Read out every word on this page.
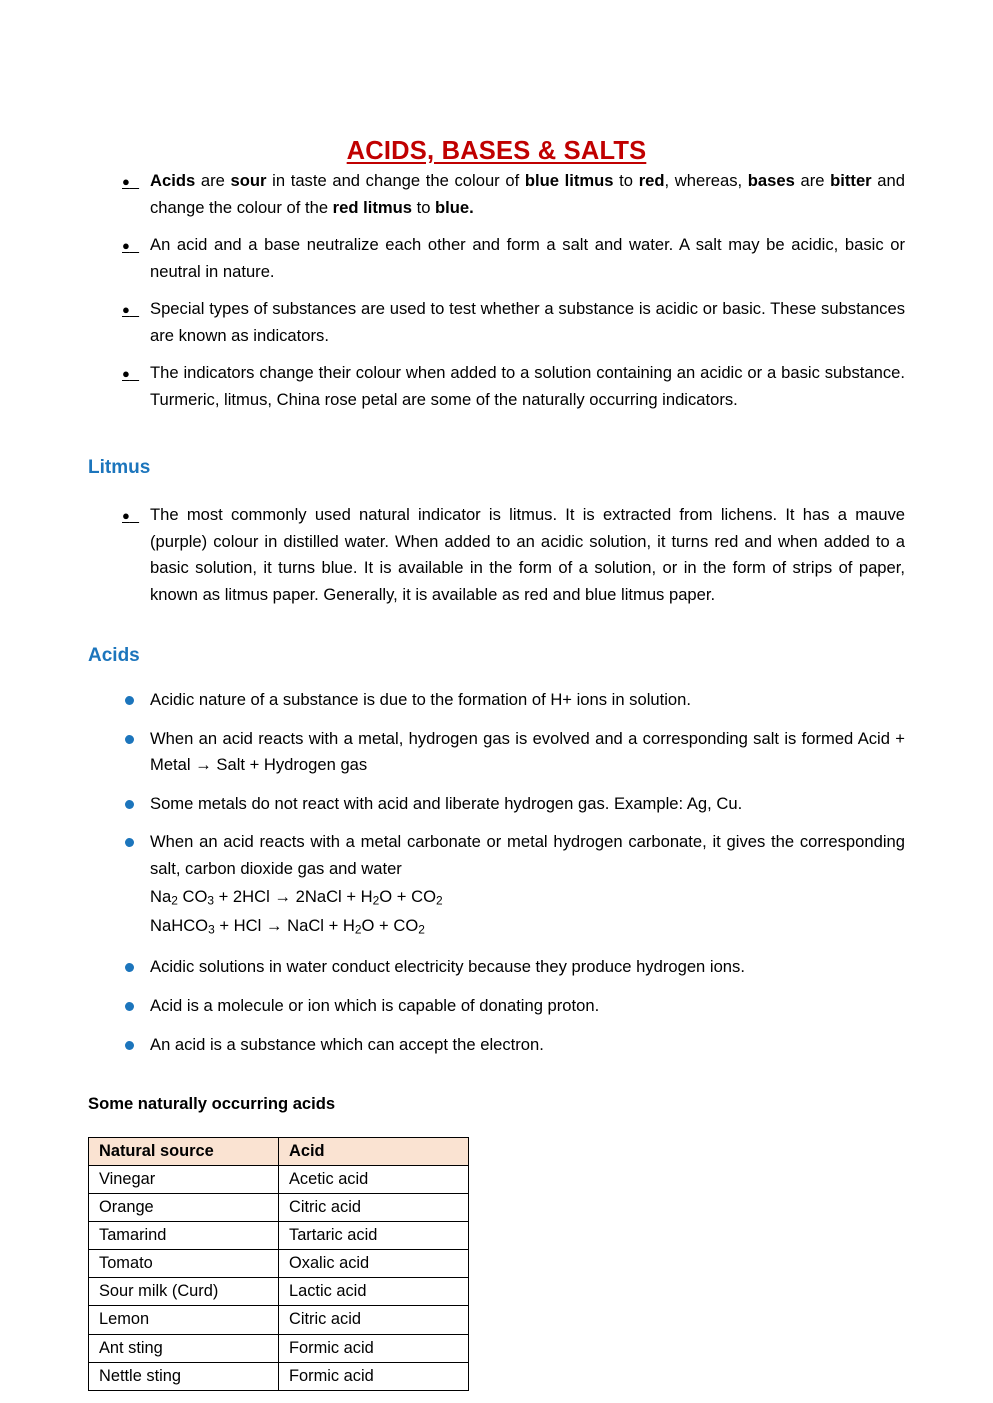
ACIDS, BASES & SALTS
●	Acids are sour in taste and change the colour of blue litmus to red, whereas, bases are bitter and change the colour of the red litmus to blue.
●	An acid and a base neutralize each other and form a salt and water. A salt may be acidic, basic or neutral in nature.
●	Special types of substances are used to test whether a substance is acidic or basic. These substances are known as indicators.
●	The indicators change their colour when added to a solution containing an acidic or a basic substance. Turmeric, litmus, China rose petal are some of the naturally occurring indicators.
Litmus
●	The most commonly used natural indicator is litmus. It is extracted from lichens. It has a mauve (purple) colour in distilled water. When added to an acidic solution, it turns red and when added to a basic solution, it turns blue. It is available in the form of a solution, or in the form of strips of paper, known as litmus paper. Generally, it is available as red and blue litmus paper.
Acids
Acidic nature of a substance is due to the formation of H+ ions in solution.
When an acid reacts with a metal, hydrogen gas is evolved and a corresponding salt is formed Acid + Metal → Salt + Hydrogen gas
Some metals do not react with acid and liberate hydrogen gas. Example: Ag, Cu.
When an acid reacts with a metal carbonate or metal hydrogen carbonate, it gives the corresponding salt, carbon dioxide gas and water
$Na_2$ $CO_3 + 2HCl$ → 2NaCl + $H_2O + CO_2$
NaHCO$_3$ + HCl → NaCl + $H_2O + CO_2$
Acidic solutions in water conduct electricity because they produce hydrogen ions.
Acid is a molecule or ion which is capable of donating proton.
An acid is a substance which can accept the electron.
Some naturally occurring acids
Natural source	Acid
Vinegar	Acetic acid
Orange	Citric acid
Tamarind	Tartaric acid
Tomato	Oxalic acid
Sour milk (Curd)	Lactic acid
Lemon	Citric acid
Ant sting	Formic acid
Nettle sting	Formic acid
